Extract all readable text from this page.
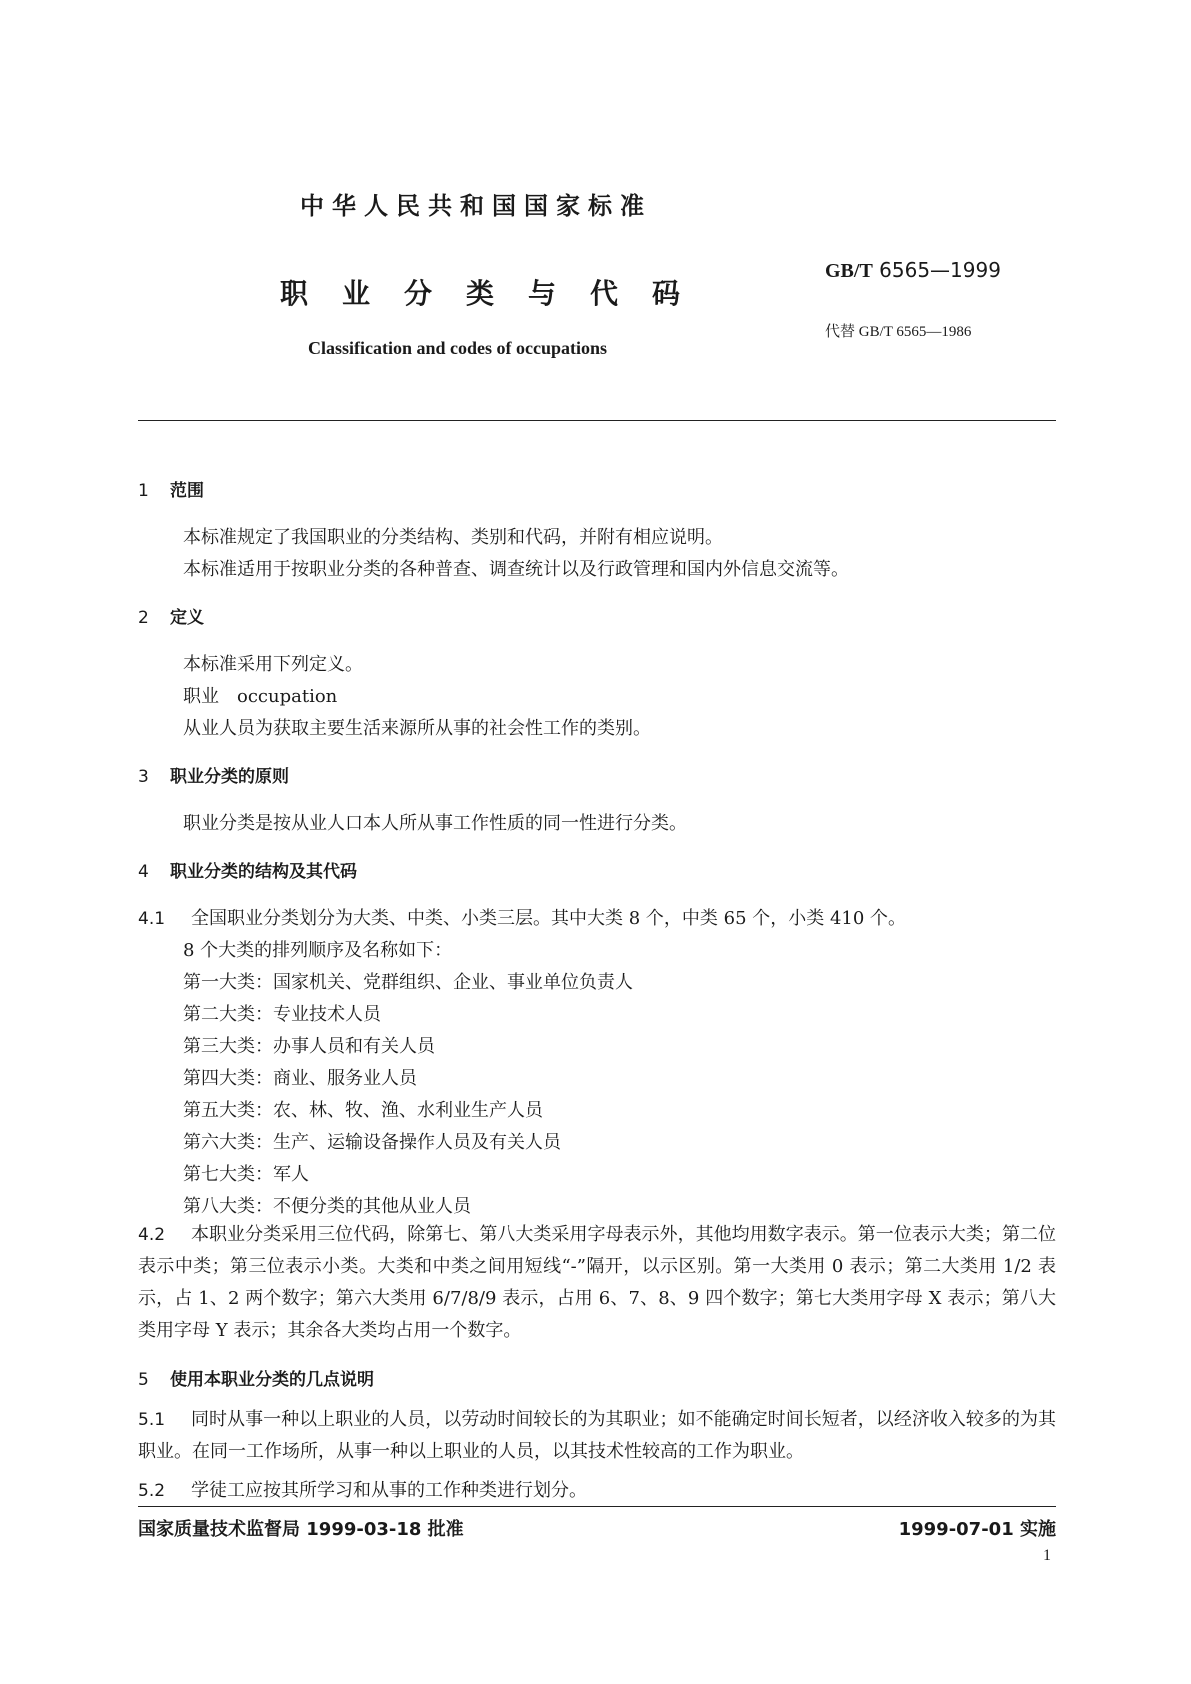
中华人民共和国国家标准
职业分类与代码
Classification and codes of occupations
GB/T 6565—1999
代替 GB/T 6565—1986
1 范围
本标准规定了我国职业的分类结构、类别和代码，并附有相应说明。
本标准适用于按职业分类的各种普查、调查统计以及行政管理和国内外信息交流等。
2 定义
本标准采用下列定义。
职业　occupation
从业人员为获取主要生活来源所从事的社会性工作的类别。
3 职业分类的原则
职业分类是按从业人口本人所从事工作性质的同一性进行分类。
4 职业分类的结构及其代码
4.1 全国职业分类划分为大类、中类、小类三层。其中大类 8 个，中类 65 个，小类 410 个。
8 个大类的排列顺序及名称如下：
第一大类：国家机关、党群组织、企业、事业单位负责人
第二大类：专业技术人员
第三大类：办事人员和有关人员
第四大类：商业、服务业人员
第五大类：农、林、牧、渔、水利业生产人员
第六大类：生产、运输设备操作人员及有关人员
第七大类：军人
第八大类：不便分类的其他从业人员
4.2 本职业分类采用三位代码，除第七、第八大类采用字母表示外，其他均用数字表示。第一位表示大类；第二位表示中类；第三位表示小类。大类和中类之间用短线“-”隔开，以示区别。第一大类用 0 表示；第二大类用 1/2 表示，占 1、2 两个数字；第六大类用 6/7/8/9 表示，占用 6、7、8、9 四个数字；第七大类用字母 X 表示；第八大类用字母 Y 表示；其余各大类均占用一个数字。
5 使用本职业分类的几点说明
5.1 同时从事一种以上职业的人员，以劳动时间较长的为其职业；如不能确定时间长短者，以经济收入较多的为其职业。在同一工作场所，从事一种以上职业的人员，以其技术性较高的工作为职业。
5.2 学徒工应按其所学习和从事的工作种类进行划分。
国家质量技术监督局 1999-03-18 批准	1999-07-01 实施
1
